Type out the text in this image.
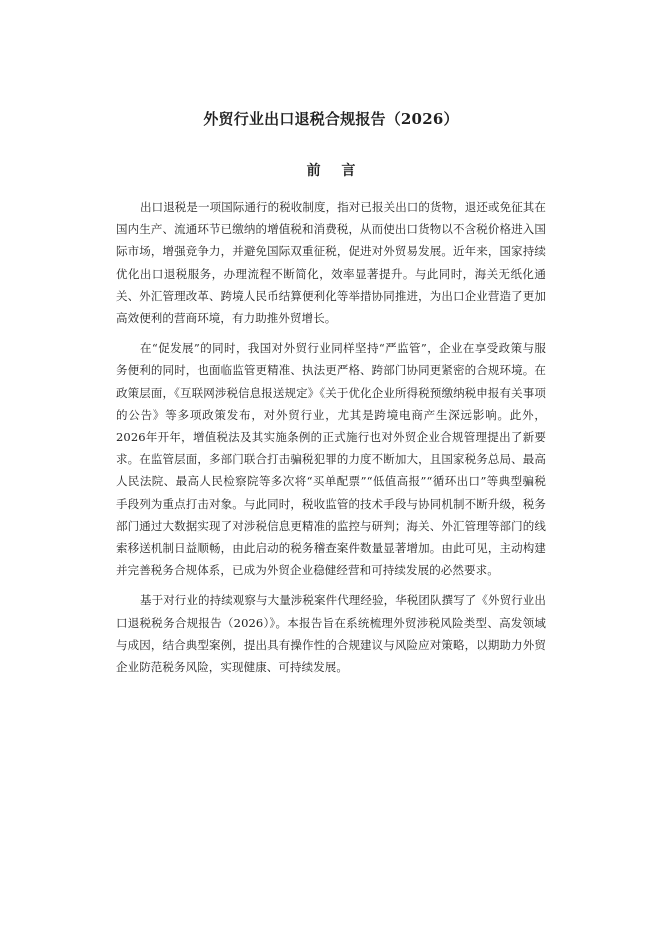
外贸行业出口退税合规报告（2026）
前 言

出口退税是一项国际通行的税收制度，指对已报关出口的货物，退还或免征其在国内生产、流通环节已缴纳的增值税和消费税，从而使出口货物以不含税价格进入国际市场，增强竞争力，并避免国际双重征税，促进对外贸易发展。近年来，国家持续优化出口退税服务，办理流程不断简化，效率显著提升。与此同时，海关无纸化通关、外汇管理改革、跨境人民币结算便利化等举措协同推进，为出口企业营造了更加高效便利的营商环境，有力助推外贸增长。

在“促发展”的同时，我国对外贸行业同样坚持“严监管”，企业在享受政策与服务便利的同时，也面临监管更精准、执法更严格、跨部门协同更紧密的合规环境。在政策层面，《互联网涉税信息报送规定》《关于优化企业所得税预缴纳税申报有关事项的公告》等多项政策发布，对外贸行业，尤其是跨境电商产生深远影响。此外，2026年开年，增值税法及其实施条例的正式施行也对外贸企业合规管理提出了新要求。在监管层面，多部门联合打击骗税犯罪的力度不断加大，且国家税务总局、最高人民法院、最高人民检察院等多次将“买单配票”“低值高报”“循环出口”等典型骗税手段列为重点打击对象。与此同时，税收监管的技术手段与协同机制不断升级，税务部门通过大数据实现了对涉税信息更精准的监控与研判；海关、外汇管理等部门的线索移送机制日益顺畅，由此启动的税务稽查案件数量显著增加。由此可见，主动构建并完善税务合规体系，已成为外贸企业稳健经营和可持续发展的必然要求。

基于对行业的持续观察与大量涉税案件代理经验，华税团队撰写了《外贸行业出口退税税务合规报告（2026）》。本报告旨在系统梳理外贸涉税风险类型、高发领域与成因，结合典型案例，提出具有操作性的合规建议与风险应对策略，以期助力外贸企业防范税务风险，实现健康、可持续发展。
